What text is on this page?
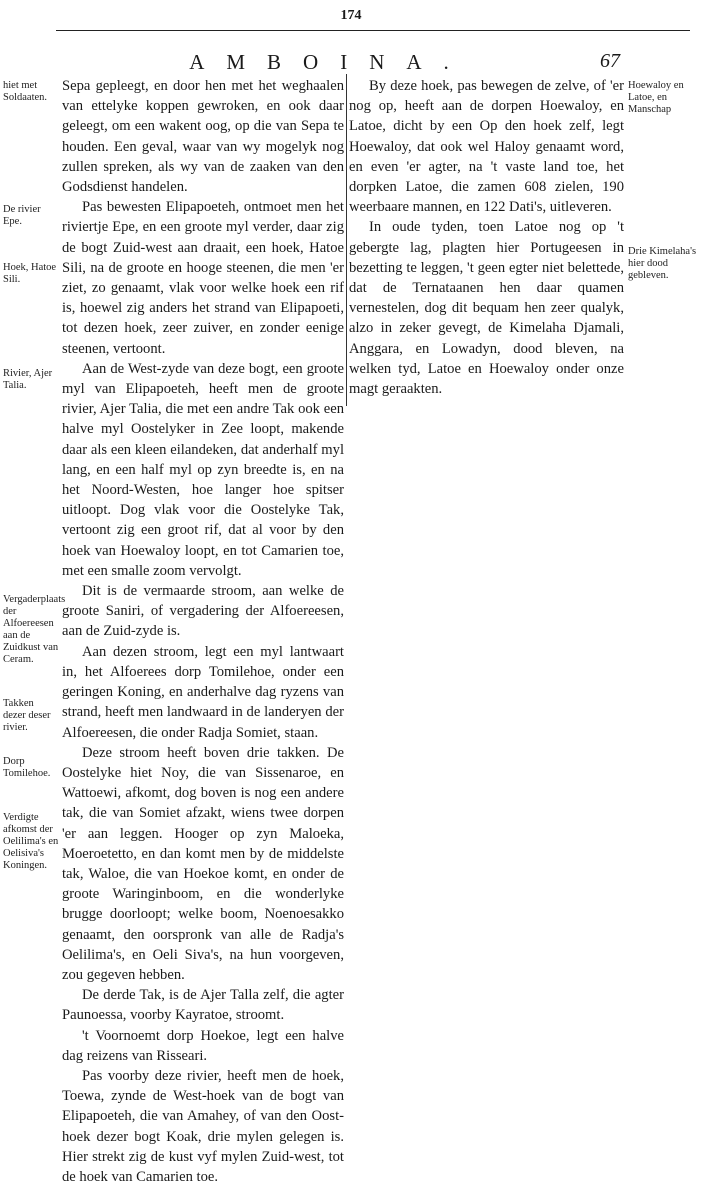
174
AMBOINA.	67

Sepa gepleegt, en door hen met het weghaalen van ettelyke koppen gewroken, en ook daar geleegt, om een wakent oog, op die van Sepa te houden. Een geval, waar van wy mogelyk nog zullen spreken, als wy van de zaaken van den Godsdienst handelen.

Pas bewesten Elipapoeteh, ontmoet men het riviertje Epe, en een groote myl verder, daar zig de bogt Zuid-west aan draait, een hoek, Hatoe Sili, na de groote en hooge steenen, die men 'er ziet, zo genaamt, vlak voor welke hoek een rif is, hoewel zig anders het strand van Elipapoeti, tot dezen hoek, zeer zuiver, en zonder eenige steenen, vertoont.

Aan de West-zyde van deze bogt, een groote myl van Elipapoeteh, heeft men de groote rivier, Ajer Talia, die met een andre Tak ook een halve myl Oostelyker in Zee loopt, makende daar als een kleen eilandeken, dat anderhalf myl lang, en een half myl op zyn breedte is, en na het Noord-Westen, hoe langer hoe spitser uitloopt. Dog vlak voor die Oostelyke Tak, vertoont zig een groot rif, dat al voor by den hoek van Hoewaloy loopt, en tot Camarien toe, met een smalle zoom vervolgt.

Dit is de vermaarde stroom, aan welke de groote Saniri, of vergadering der Alfoereesen, aan de Zuid-zyde is.

Aan dezen stroom, legt een myl lantwaart in, het Alfoerees dorp Tomilehoe, onder een geringen Koning, en anderhalve dag ryzens van strand, heeft men landwaard in de landeryen der Alfoereesen, die onder Radja Somiet, staan.

Deze stroom heeft boven drie takken. De Oostelyke hiet Noy, die van Sissenaroe, en Wattoewi, afkomt, dog boven is nog een andere tak, die van Somiet afzakt, wiens twee dorpen 'er aan leggen. Hooger op zyn Maloeka, Moeroetetto, en dan komt men by de middelste tak, Waloe, die van Hoekoe komt, en onder de groote Waringinboom, en die wonderlyke brugge doorloopt; welke boom, Noenoesakko genaamt, den oorspronk van alle de Radja's Oelilima's, en Oeli Siva's, na hun voorgeven, zou gegeven hebben.

De derde Tak, is de Ajer Talla zelf, die agter Paunoessa, voorby Kayratoe, stroomt.

't Voornoemt dorp Hoekoe, legt een halve dag reizens van Risseari.

Pas voorby deze rivier, heeft men de hoek, Toewa, zynde de West-hoek van de bogt van Elipapoeteh, die van Amahey, of van den Oost-hoek dezer bogt Koak, drie mylen gelegen is. Hier strekt zig de kust vyf mylen Zuid-west, tot de hoek van Camarien toe.

By deze hoek, pas bewegen de zelve, of 'er nog op, heeft aan de dorpen Hoewaloy, en Latoe, dicht by een Op den hoek zelf, legt Hoewaloy, dat ook wel Haloy genaamt word, en even 'er agter, na 't vaste land toe, het dorpken Latoe, die zamen 608 zielen, 190 weerbaare mannen, en 122 Dati's, uitleveren.

In oude tyden, toen Latoe nog op 't gebergte lag, plagten hier Portugeesen in bezetting te leggen, 't geen egter niet belettede, dat de Ternataanen hen daar quamen vernestelen, dog dit bequam hen zeer qualyk, alzo in zeker gevegt, de Kimelaha Djamali, Anggara, en Lowadyn, dood bleven, na welken tyd, Latoe en Hoewaloy onder onze magt geraakten.

hiet met Soldaaten.
De rivier Epe.
Hoek, Hatoe Sili.
Rivier, Ajer Talia.
Vergaderplaats der Alfoereesen aan de Zuidkust van Ceram.
Takken dezer deser rivier.
Dorp Tomilehoe.
Verdigte afkomst der Oelilima's en Oelisiva's Koningen.
Hoewaloy en Latoe, en Manschap
Drie Kimelaha's hier dood gebleven.
